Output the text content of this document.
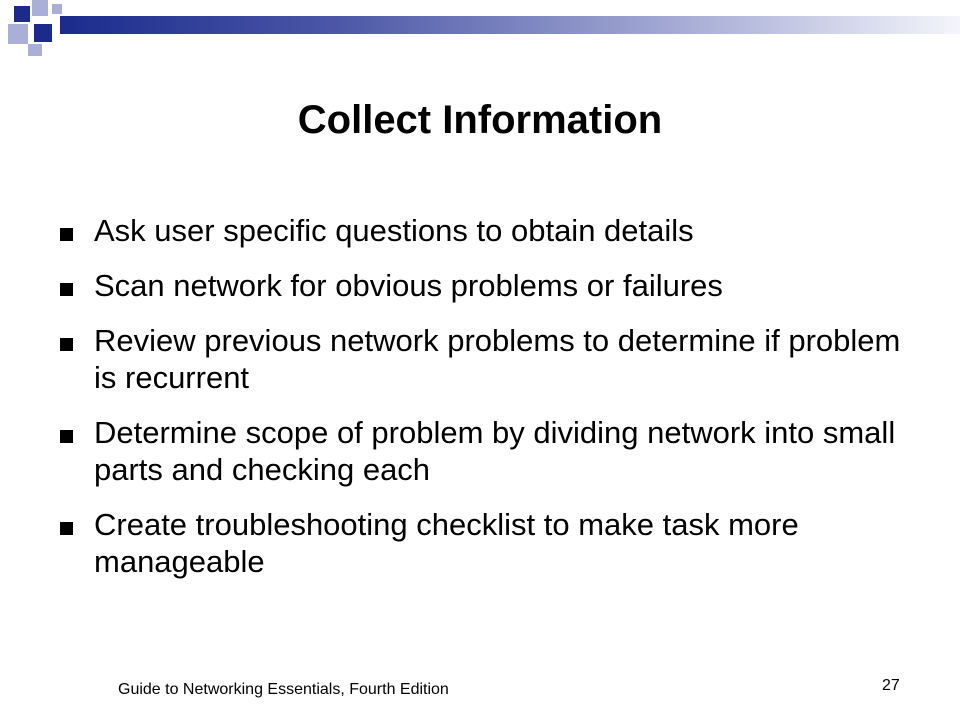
Collect Information
Ask user specific questions to obtain details
Scan network for obvious problems or failures
Review previous network problems to determine if problem is recurrent
Determine scope of problem by dividing network into small parts and checking each
Create troubleshooting checklist to make task more manageable
Guide to Networking Essentials, Fourth Edition	27
